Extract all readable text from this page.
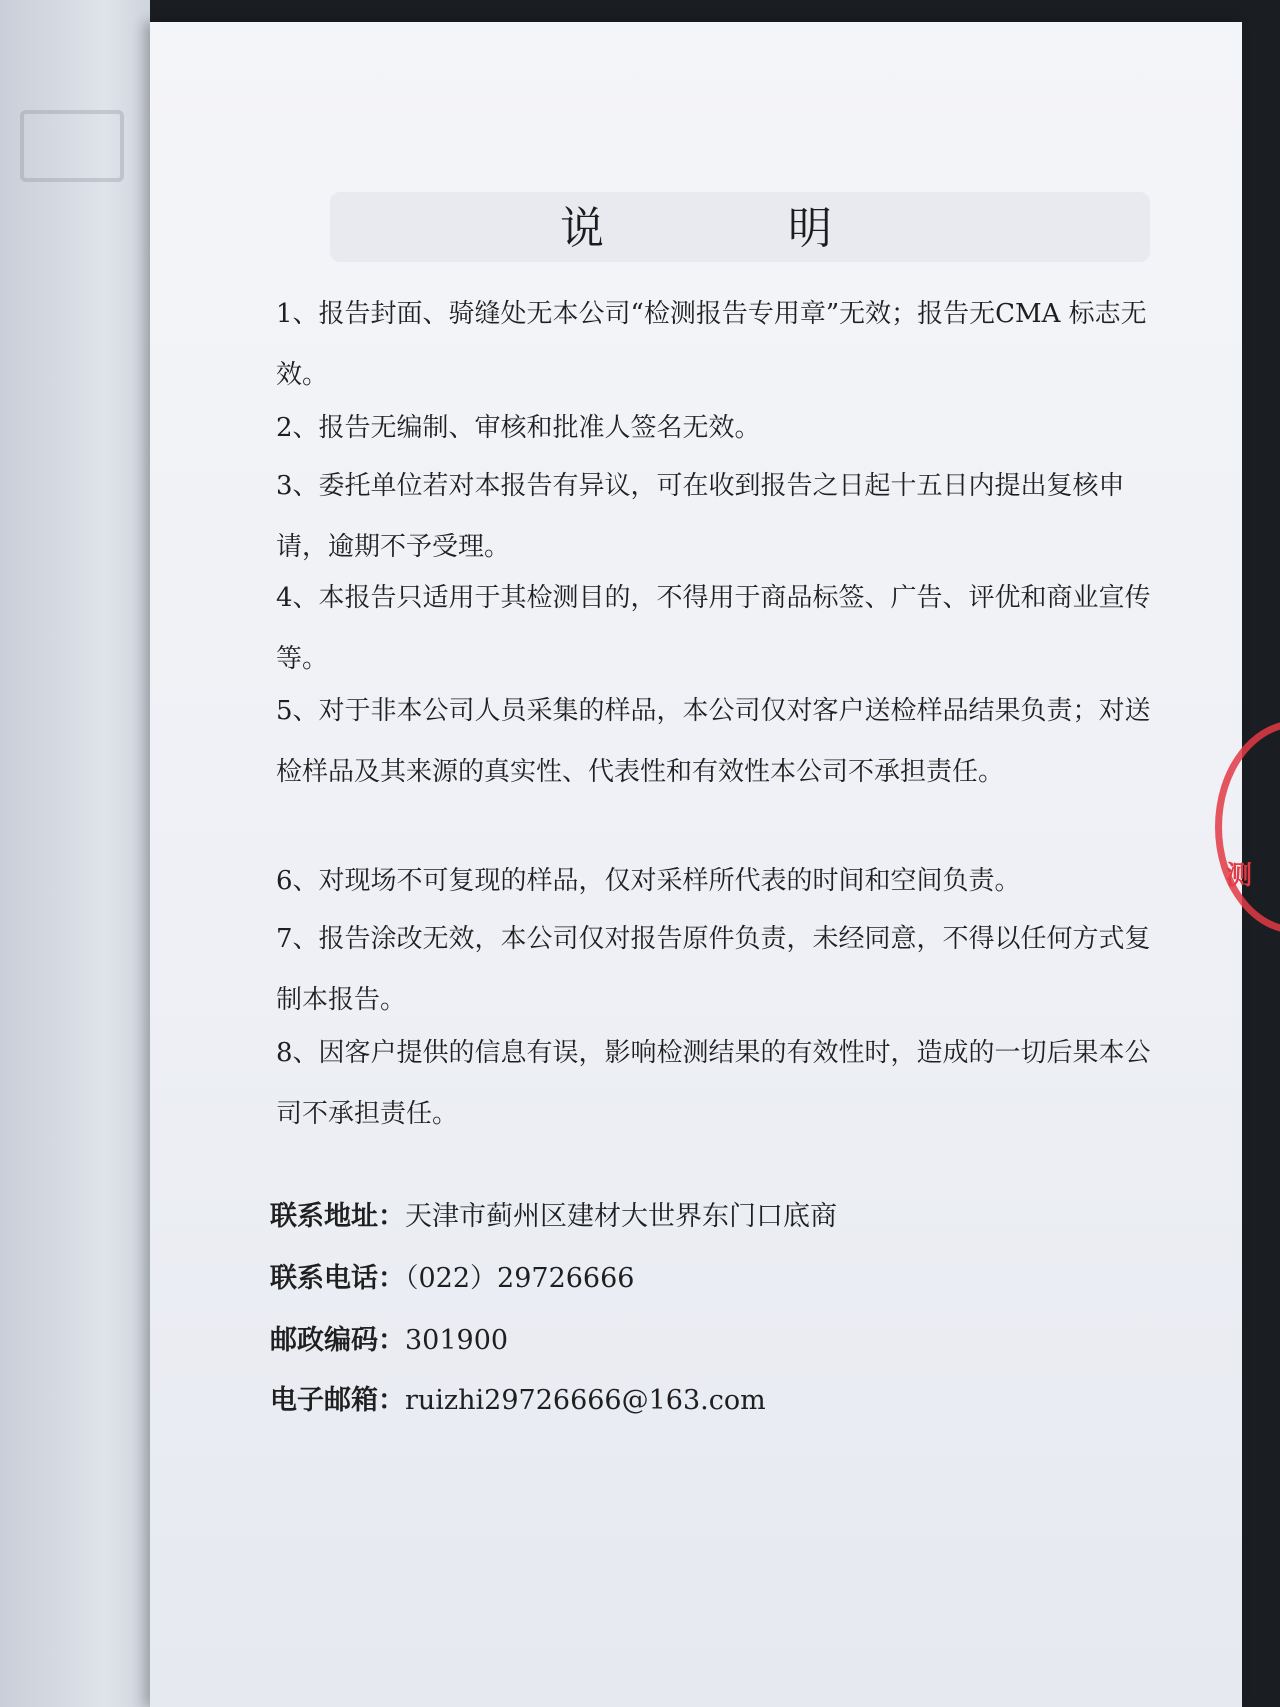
说　明
1、报告封面、骑缝处无本公司“检测报告专用章”无效；报告无CMA 标志无效。
2、报告无编制、审核和批准人签名无效。
3、委托单位若对本报告有异议，可在收到报告之日起十五日内提出复核申请，逾期不予受理。
4、本报告只适用于其检测目的，不得用于商品标签、广告、评优和商业宣传等。
5、对于非本公司人员采集的样品，本公司仅对客户送检样品结果负责；对送检样品及其来源的真实性、代表性和有效性本公司不承担责任。
6、对现场不可复现的样品，仅对采样所代表的时间和空间负责。
7、报告涂改无效，本公司仅对报告原件负责，未经同意，不得以任何方式复制本报告。
8、因客户提供的信息有误，影响检测结果的有效性时，造成的一切后果本公司不承担责任。
联系地址：天津市蓟州区建材大世界东门口底商
联系电话：（022）29726666
邮政编码：301900
电子邮箱：ruizhi29726666@163.com
测
